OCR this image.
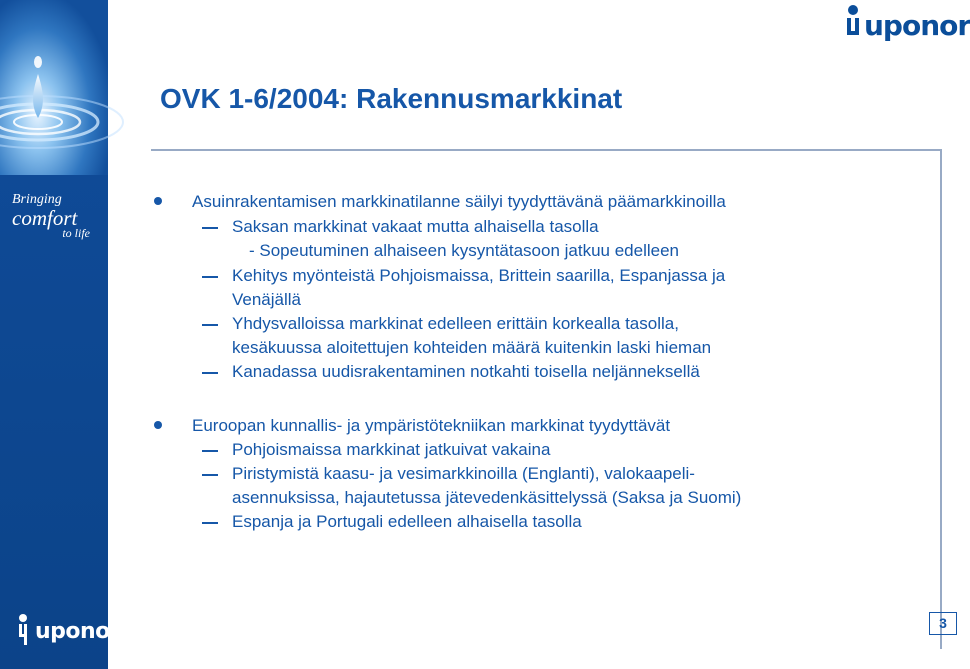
Bringing
comfort
to life
uponor
uponor
OVK 1-6/2004: Rakennusmarkkinat
Asuinrakentamisen markkinatilanne säilyi tyydyttävänä päämarkkinoilla
Saksan markkinat vakaat mutta alhaisella tasolla
- Sopeutuminen alhaiseen kysyntätasoon jatkuu edelleen
Kehitys myönteistä Pohjoismaissa, Brittein saarilla, Espanjassa ja
Venäjällä
Yhdysvalloissa markkinat edelleen erittäin korkealla tasolla,
kesäkuussa aloitettujen kohteiden määrä kuitenkin laski hieman
Kanadassa uudisrakentaminen notkahti toisella neljänneksellä
Euroopan kunnallis- ja ympäristötekniikan markkinat tyydyttävät
Pohjoismaissa markkinat jatkuivat vakaina
Piristymistä kaasu- ja vesimarkkinoilla (Englanti), valokaapeli-
asennuksissa, hajautetussa jätevedenkäsittelyssä (Saksa ja Suomi)
Espanja ja Portugali edelleen alhaisella tasolla
3
